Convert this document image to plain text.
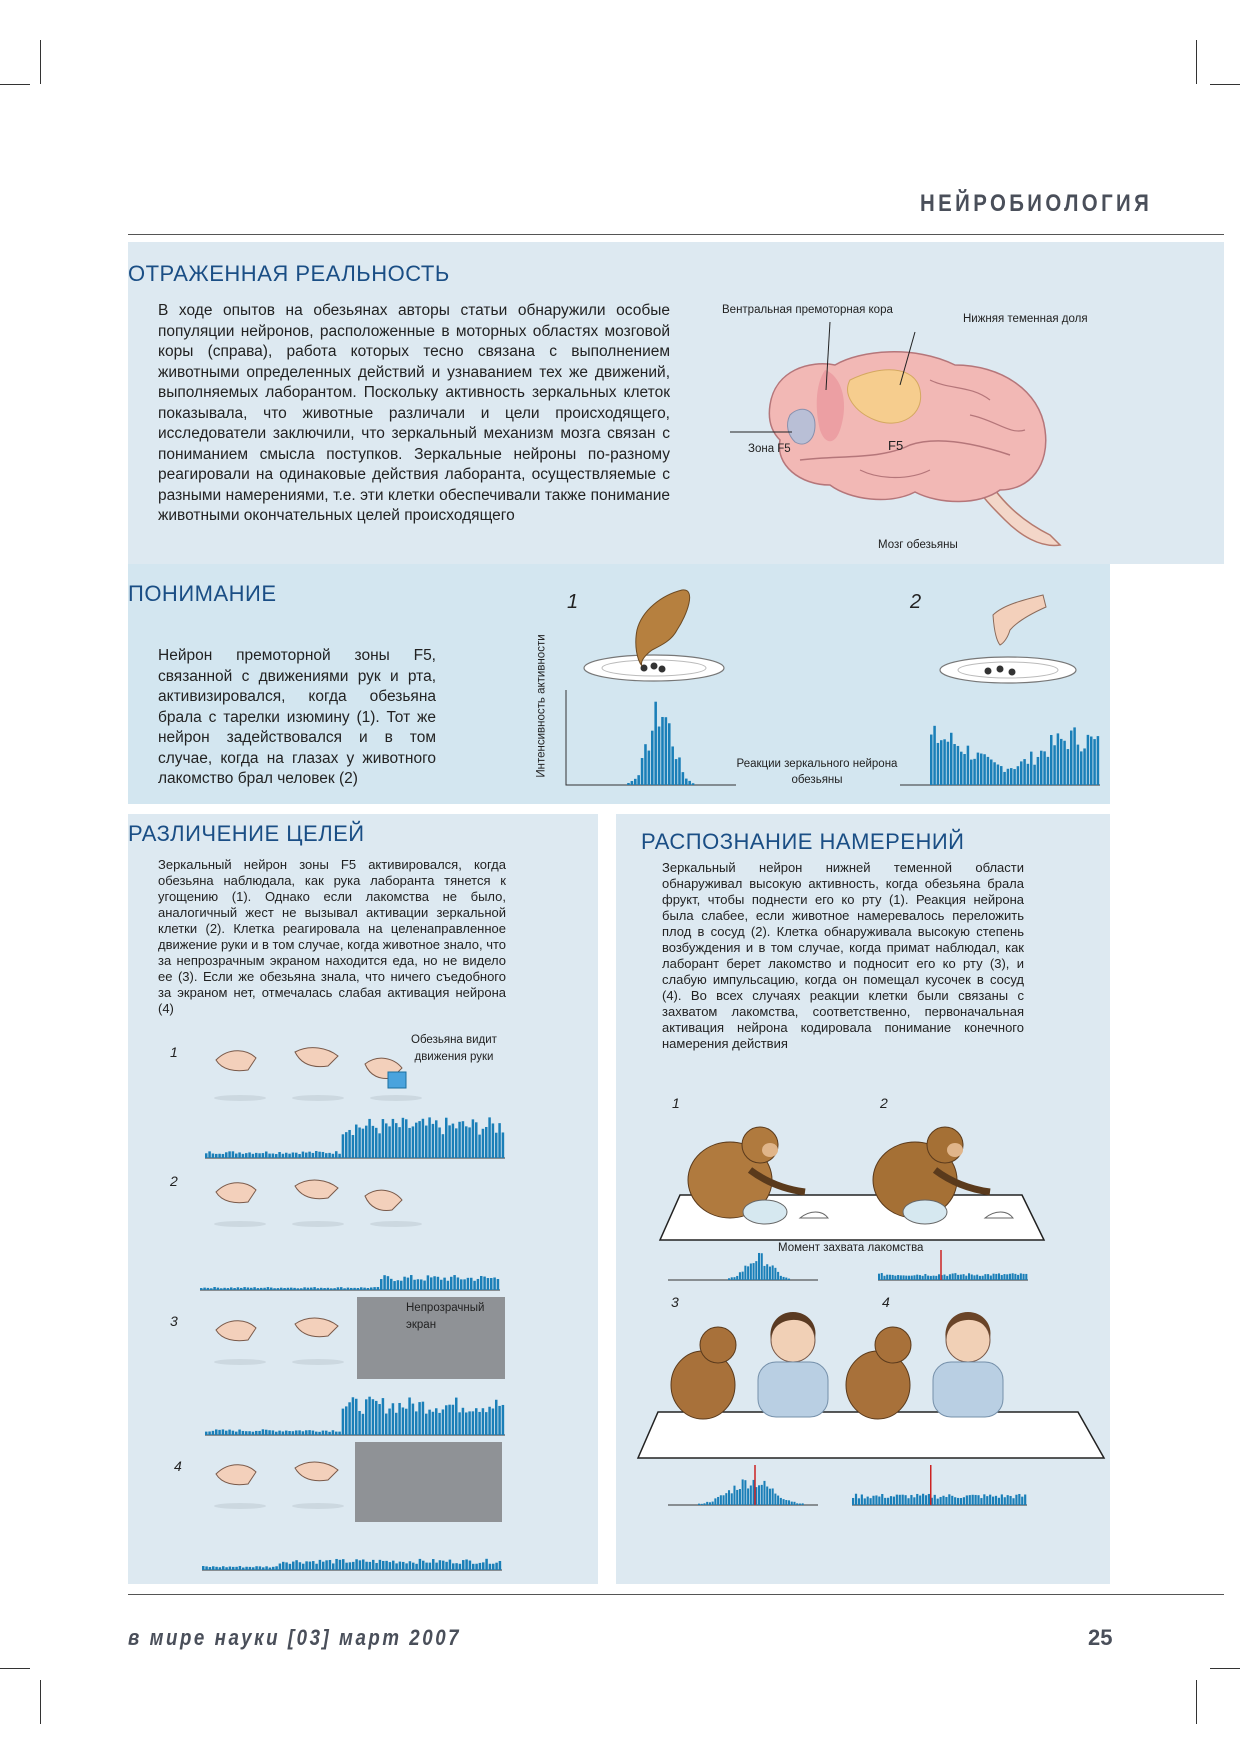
НЕЙРОБИОЛОГИЯ
ОТРАЖЕННАЯ РЕАЛЬНОСТЬ
В ходе опытов на обезьянах авторы статьи обнаружили особые популяции нейронов, расположенные в моторных областях мозговой коры (справа), работа которых тесно связана с выполнением животными определенных действий и узнаванием тех же движений, выполняемых лаборантом. Поскольку активность зеркальных клеток показывала, что животные различали и цели происходящего, исследователи заключили, что зеркальный механизм мозга связан с пониманием смысла поступков. Зеркальные нейроны по-разному реагировали на одинаковые действия лаборанта, осуществляемые с разными намерениями, т.е. эти клетки обеспечивали также понимание животными окончательных целей происходящего
Вентральная премоторная кора
Нижняя теменная доля
Зона F5	F5
Мозг обезьяны
ПОНИМАНИЕ
Нейрон премоторной зоны F5, связанной с движениями рук и рта, активизировался, когда обезьяна брала с тарелки изюмину (1). Тот же нейрон задействовался и в том случае, когда на глазах у животного лакомство брал человек (2)
1	2
Интенсивность активности	Реакции зеркального нейрона обезьяны
РАЗЛИЧЕНИЕ ЦЕЛЕЙ
Зеркальный нейрон зоны F5 активировался, когда обезьяна наблюдала, как рука лаборанта тянется к угощению (1). Однако если лакомства не было, аналогичный жест не вызывал активации зеркальной клетки (2). Клетка реагировала на целенаправленное движение руки и в том случае, когда животное знало, что за непрозрачным экраном находится еда, но не видело ее (3). Если же обезьяна знала, что ничего съедобного за экраном нет, отмечалась слабая активация нейрона (4)
Обезьяна видит движения руки
Непрозрачный экран
1
2
3
4
РАСПОЗНАНИЕ НАМЕРЕНИЙ
Зеркальный нейрон нижней теменной области обнаруживал высокую активность, когда обезьяна брала фрукт, чтобы поднести его ко рту (1). Реакция нейрона была слабее, если животное намеревалось переложить плод в сосуд (2). Клетка обнаруживала высокую степень возбуждения и в том случае, когда примат наблюдал, как лаборант берет лакомство и подносит его ко рту (3), и слабую импульсацию, когда он помещал кусочек в сосуд (4). Во всех случаях реакции клетки были связаны с захватом лакомства, соответственно, первоначальная активация нейрона кодировала понимание конечного намерения действия
1	2
3	4
Момент захвата лакомства
в мире науки [03] март 2007	25
